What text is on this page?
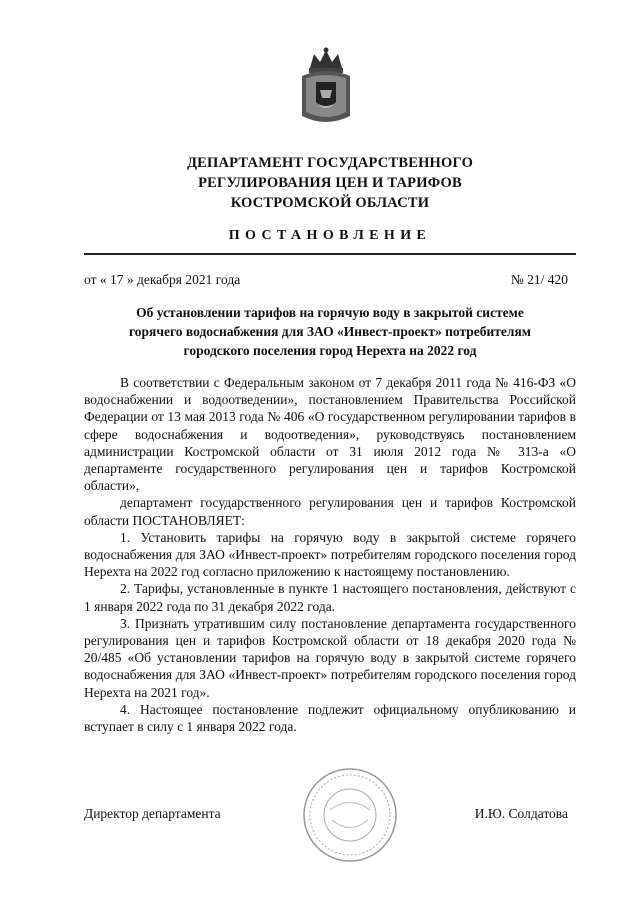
ДЕПАРТАМЕНТ ГОСУДАРСТВЕННОГО
РЕГУЛИРОВАНИЯ ЦЕН И ТАРИФОВ
КОСТРОМСКОЙ ОБЛАСТИ
ПОСТАНОВЛЕНИЕ
от « 17 » декабря 2021 года	№ 21/ 420
Об установлении тарифов на горячую воду в закрытой системе
горячего водоснабжения для ЗАО «Инвест-проект» потребителям
городского поселения город Нерехта на 2022 год

В соответствии с Федеральным законом от 7 декабря 2011 года № 416-ФЗ «О водоснабжении и водоотведении», постановлением Правительства Российской Федерации от 13 мая 2013 года № 406 «О государственном регулировании тарифов в сфере водоснабжения и водоотведения», руководствуясь постановлением администрации Костромской области от 31 июля 2012 года № 313-а «О департаменте государственного регулирования цен и тарифов Костромской области»,

департамент государственного регулирования цен и тарифов Костромской области ПОСТАНОВЛЯЕТ:

1. Установить тарифы на горячую воду в закрытой системе горячего водоснабжения для ЗАО «Инвест-проект» потребителям городского поселения город Нерехта на 2022 год согласно приложению к настоящему постановлению.

2. Тарифы, установленные в пункте 1 настоящего постановления, действуют с 1 января 2022 года по 31 декабря 2022 года.

3. Признать утратившим силу постановление департамента государственного регулирования цен и тарифов Костромской области от 18 декабря 2020 года № 20/485 «Об установлении тарифов на горячую воду в закрытой системе горячего водоснабжения для ЗАО «Инвест-проект» потребителям городского поселения город Нерехта на 2021 год».

4. Настоящее постановление подлежит официальному опубликованию и вступает в силу с 1 января 2022 года.

Директор департамента	И.Ю. Солдатова
